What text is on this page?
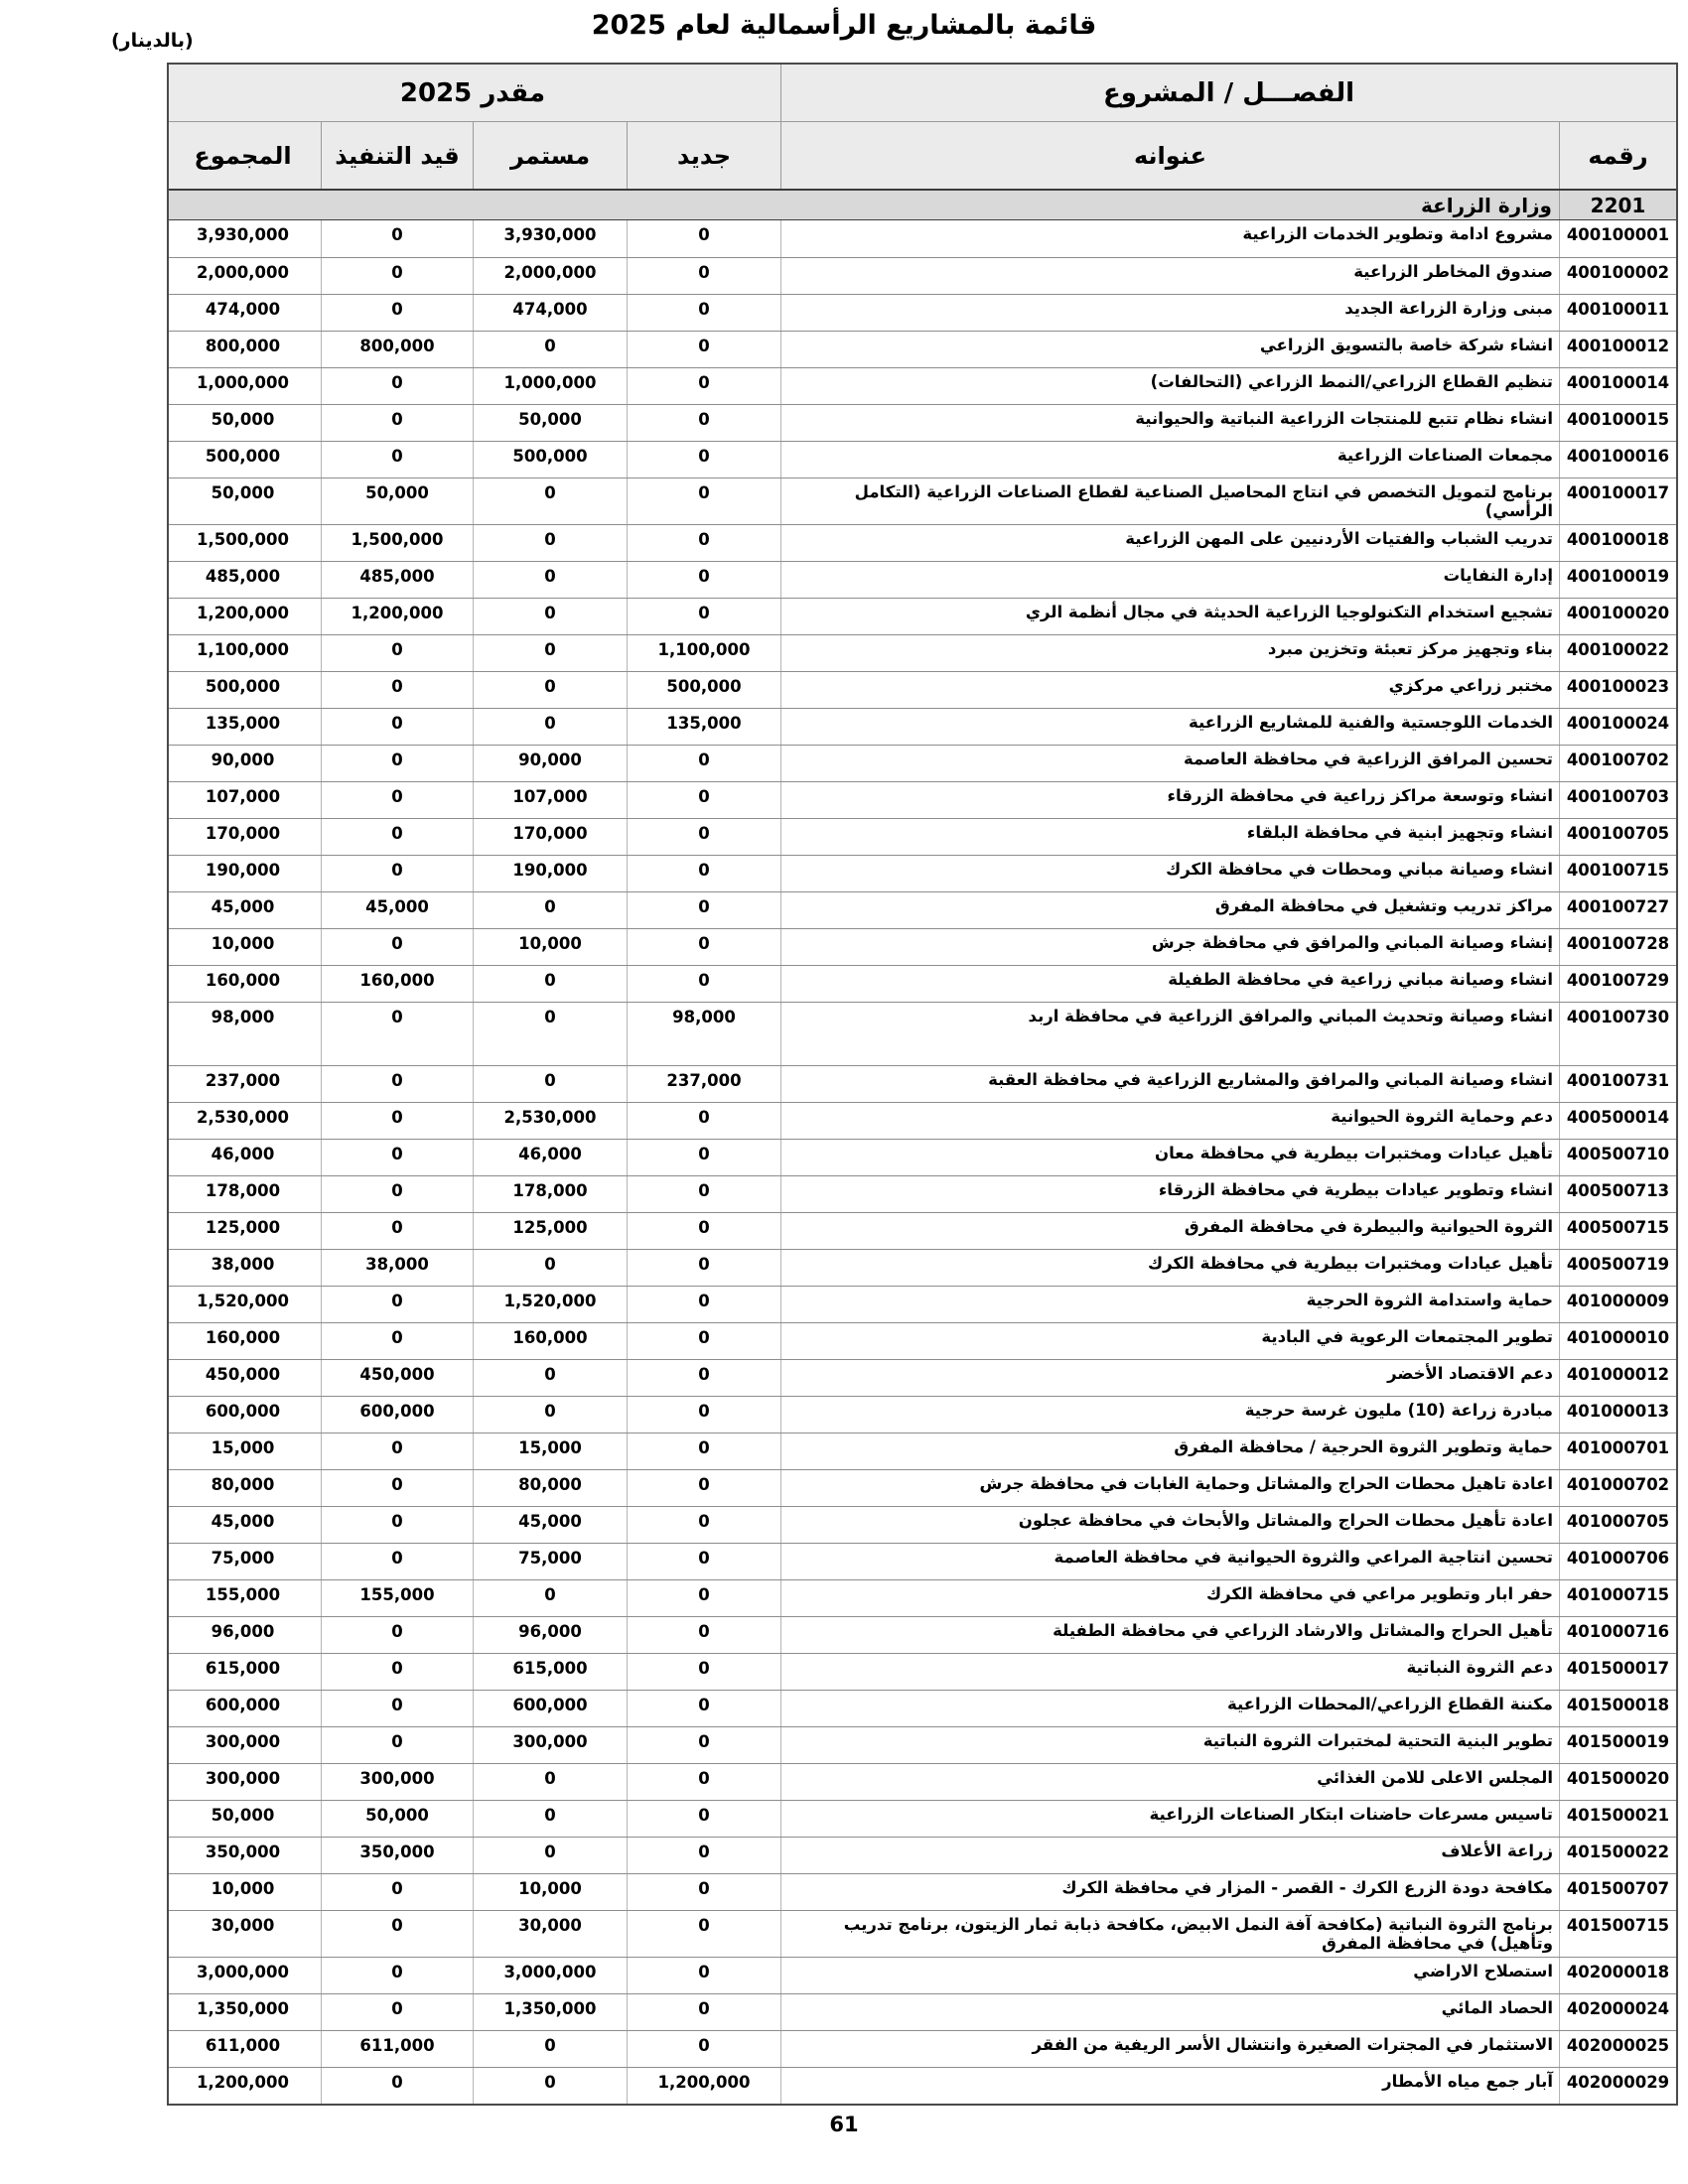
قائمة بالمشاريع الرأسمالية لعام 2025
(بالدينار)
الفصـــل / المشروع
مقدر 2025
رقمه
عنوانه
جديد
مستمر
قيد التنفيذ
المجموع
2201
وزارة الزراعة
400100001
مشروع ادامة وتطوير الخدمات الزراعية
0
3,930,000
0
3,930,000
400100002
صندوق المخاطر الزراعية
0
2,000,000
0
2,000,000
400100011
مبنى وزارة الزراعة الجديد
0
474,000
0
474,000
400100012
انشاء شركة خاصة بالتسويق الزراعي
0
0
800,000
800,000
400100014
تنظيم القطاع الزراعي/النمط الزراعي (التحالفات)
0
1,000,000
0
1,000,000
400100015
انشاء نظام تتبع للمنتجات الزراعية النباتية والحيوانية
0
50,000
0
50,000
400100016
مجمعات الصناعات الزراعية
0
500,000
0
500,000
400100017
برنامج لتمويل التخصص في انتاج المحاصيل الصناعية لقطاع الصناعات الزراعية (التكامل الرأسي)
0
0
50,000
50,000
400100018
تدريب الشباب والفتيات الأردنيين على المهن الزراعية
0
0
1,500,000
1,500,000
400100019
إدارة النفايات
0
0
485,000
485,000
400100020
تشجيع استخدام التكنولوجيا الزراعية الحديثة في مجال أنظمة الري
0
0
1,200,000
1,200,000
400100022
بناء وتجهيز مركز تعبئة وتخزين مبرد
1,100,000
0
0
1,100,000
400100023
مختبر زراعي مركزي
500,000
0
0
500,000
400100024
الخدمات اللوجستية والفنية للمشاريع الزراعية
135,000
0
0
135,000
400100702
تحسين المرافق الزراعية في محافظة العاصمة
0
90,000
0
90,000
400100703
انشاء وتوسعة مراكز زراعية في محافظة الزرقاء
0
107,000
0
107,000
400100705
انشاء وتجهيز ابنية في محافظة البلقاء
0
170,000
0
170,000
400100715
انشاء وصيانة مباني ومحطات في محافظة الكرك
0
190,000
0
190,000
400100727
مراكز تدريب وتشغيل في محافظة المفرق
0
0
45,000
45,000
400100728
إنشاء وصيانة المباني والمرافق في محافظة جرش
0
10,000
0
10,000
400100729
انشاء وصيانة مباني زراعية في محافظة الطفيلة
0
0
160,000
160,000
400100730
انشاء وصيانة وتحديث المباني والمرافق الزراعية في محافظة اربد
98,000
0
0
98,000
400100731
انشاء وصيانة المباني والمرافق والمشاريع الزراعية في محافظة العقبة
237,000
0
0
237,000
400500014
دعم وحماية الثروة الحيوانية
0
2,530,000
0
2,530,000
400500710
تأهيل عيادات ومختبرات بيطرية في محافظة معان
0
46,000
0
46,000
400500713
انشاء وتطوير عيادات بيطرية في محافظة الزرقاء
0
178,000
0
178,000
400500715
الثروة الحيوانية والبيطرة في محافظة المفرق
0
125,000
0
125,000
400500719
تأهيل عيادات ومختبرات بيطرية في محافظة الكرك
0
0
38,000
38,000
401000009
حماية واستدامة الثروة الحرجية
0
1,520,000
0
1,520,000
401000010
تطوير المجتمعات الرعوية في البادية
0
160,000
0
160,000
401000012
دعم الاقتصاد الأخضر
0
0
450,000
450,000
401000013
مبادرة زراعة (10) مليون غرسة حرجية
0
0
600,000
600,000
401000701
حماية وتطوير الثروة الحرجية / محافظة المفرق
0
15,000
0
15,000
401000702
اعادة تاهيل محطات الحراج والمشاتل وحماية الغابات في محافظة جرش
0
80,000
0
80,000
401000705
اعادة تأهيل محطات الحراج والمشاتل والأبحاث في محافظة عجلون
0
45,000
0
45,000
401000706
تحسين انتاجية المراعي والثروة الحيوانية في محافظة العاصمة
0
75,000
0
75,000
401000715
حفر ابار وتطوير مراعي في محافظة الكرك
0
0
155,000
155,000
401000716
تأهيل الحراج والمشاتل والارشاد الزراعي في محافظة الطفيلة
0
96,000
0
96,000
401500017
دعم الثروة النباتية
0
615,000
0
615,000
401500018
مكننة القطاع الزراعي/المحطات الزراعية
0
600,000
0
600,000
401500019
تطوير البنية التحتية لمختبرات الثروة النباتية
0
300,000
0
300,000
401500020
المجلس الاعلى للامن الغذائي
0
0
300,000
300,000
401500021
تاسيس مسرعات حاضنات ابتكار الصناعات الزراعية
0
0
50,000
50,000
401500022
زراعة الأعلاف
0
0
350,000
350,000
401500707
مكافحة دودة الزرع الكرك - القصر - المزار في محافظة الكرك
0
10,000
0
10,000
401500715
برنامج الثروة النباتية (مكافحة آفة النمل الابيض، مكافحة ذبابة ثمار الزيتون، برنامج تدريب وتأهيل) في محافظة المفرق
0
30,000
0
30,000
402000018
استصلاح الاراضي
0
3,000,000
0
3,000,000
402000024
الحصاد المائي
0
1,350,000
0
1,350,000
402000025
الاستثمار في المجترات الصغيرة وانتشال الأسر الريفية من الفقر
0
0
611,000
611,000
402000029
آبار جمع مياه الأمطار
1,200,000
0
0
1,200,000
61
